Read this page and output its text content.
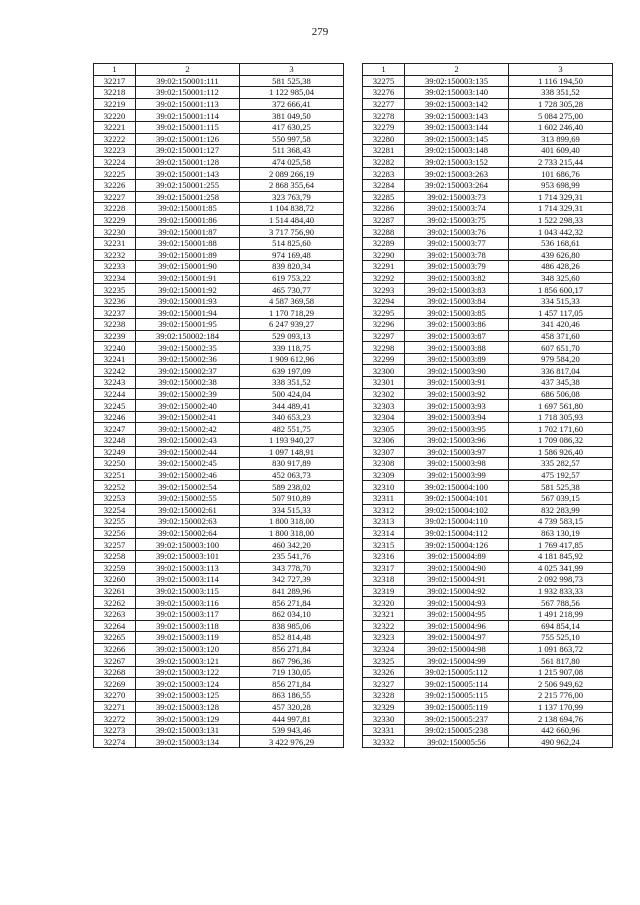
279
1	2	3
32217	39:02:150001:111	581 525,38
32218	39:02:150001:112	1 122 985,04
32219	39:02:150001:113	372 666,41
32220	39:02:150001:114	381 049,50
32221	39:02:150001:115	417 630,25
32222	39:02:150001:126	550 997,58
32223	39:02:150001:127	511 368,43
32224	39:02:150001:128	474 025,58
32225	39:02:150001:143	2 089 266,19
32226	39:02:150001:255	2 868 355,64
32227	39:02:150001:258	323 763,79
32228	39:02:150001:85	1 104 838,72
32229	39:02:150001:86	1 514 484,40
32230	39:02:150001:87	3 717 756,90
32231	39:02:150001:88	514 825,60
32232	39:02:150001:89	974 169,48
32233	39:02:150001:90	839 820,34
32234	39:02:150001:91	619 753,22
32235	39:02:150001:92	465 730,77
32236	39:02:150001:93	4 587 369,58
32237	39:02:150001:94	1 170 718,29
32238	39:02:150001:95	6 247 939,27
32239	39:02:150002:184	529 093,13
32240	39:02:150002:35	339 118,75
32241	39:02:150002:36	1 909 612,96
32242	39:02:150002:37	639 197,09
32243	39:02:150002:38	338 351,52
32244	39:02:150002:39	500 424,04
32245	39:02:150002:40	344 489,41
32246	39:02:150002:41	340 653,23
32247	39:02:150002:42	482 551,75
32248	39:02:150002:43	1 193 940,27
32249	39:02:150002:44	1 097 148,91
32250	39:02:150002:45	830 917,89
32251	39:02:150002:46	452 063,73
32252	39:02:150002:54	589 238,02
32253	39:02:150002:55	507 910,89
32254	39:02:150002:61	334 515,33
32255	39:02:150002:63	1 800 318,00
32256	39:02:150002:64	1 800 318,00
32257	39:02:150003:100	460 342,20
32258	39:02:150003:101	235 541,76
32259	39:02:150003:113	343 778,70
32260	39:02:150003:114	342 727,39
32261	39:02:150003:115	841 289,96
32262	39:02:150003:116	856 271,84
32263	39:02:150003:117	862 034,10
32264	39:02:150003:118	838 985,06
32265	39:02:150003:119	852 814,48
32266	39:02:150003:120	856 271,84
32267	39:02:150003:121	867 796,36
32268	39:02:150003:122	719 130,05
32269	39:02:150003:124	856 271,84
32270	39:02:150003:125	863 186,55
32271	39:02:150003:128	457 320,28
32272	39:02:150003:129	444 997,81
32273	39:02:150003:131	539 943,46
32274	39:02:150003:134	3 422 976,29
1	2	3
32275	39:02:150003:135	1 116 194,50
32276	39:02:150003:140	338 351,52
32277	39:02:150003:142	1 728 305,28
32278	39:02:150003:143	5 084 275,00
32279	39:02:150003:144	1 602 246,40
32280	39:02:150003:145	313 899,69
32281	39:02:150003:148	401 609,40
32282	39:02:150003:152	2 733 215,44
32283	39:02:150003:263	101 686,76
32284	39:02:150003:264	953 698,99
32285	39:02:150003:73	1 714 329,31
32286	39:02:150003:74	1 714 329,31
32287	39:02:150003:75	1 522 298,33
32288	39:02:150003:76	1 043 442,32
32289	39:02:150003:77	536 168,61
32290	39:02:150003:78	439 626,80
32291	39:02:150003:79	486 428,26
32292	39:02:150003:82	348 325,60
32293	39:02:150003:83	1 856 600,17
32294	39:02:150003:84	334 515,33
32295	39:02:150003:85	1 457 117,05
32296	39:02:150003:86	341 420,46
32297	39:02:150003:87	458 371,60
32298	39:02:150003:88	607 651,70
32299	39:02:150003:89	979 584,20
32300	39:02:150003:90	336 817,04
32301	39:02:150003:91	437 345,38
32302	39:02:150003:92	686 506,08
32303	39:02:150003:93	1 697 561,80
32304	39:02:150003:94	1 718 305,93
32305	39:02:150003:95	1 702 171,60
32306	39:02:150003:96	1 709 086,32
32307	39:02:150003:97	1 586 926,40
32308	39:02:150003:98	335 282,57
32309	39:02:150003:99	475 192,57
32310	39:02:150004:100	581 525,38
32311	39:02:150004:101	567 039,15
32312	39:02:150004:102	832 283,99
32313	39:02:150004:110	4 739 583,15
32314	39:02:150004:112	863 130,19
32315	39:02:150004:126	1 769 417,85
32316	39:02:150004:89	4 181 845,92
32317	39:02:150004:90	4 025 341,99
32318	39:02:150004:91	2 092 998,73
32319	39:02:150004:92	1 932 833,33
32320	39:02:150004:93	567 788,56
32321	39:02:150004:95	1 491 218,99
32322	39:02:150004:96	694 854,14
32323	39:02:150004:97	755 525,10
32324	39:02:150004:98	1 091 863,72
32325	39:02:150004:99	561 817,80
32326	39:02:150005:112	1 215 907,08
32327	39:02:150005:114	2 506 949,62
32328	39:02:150005:115	2 215 776,00
32329	39:02:150005:119	1 137 170,99
32330	39:02:150005:237	2 138 694,76
32331	39:02:150005:238	442 660,96
32332	39:02:150005:56	490 962,24
